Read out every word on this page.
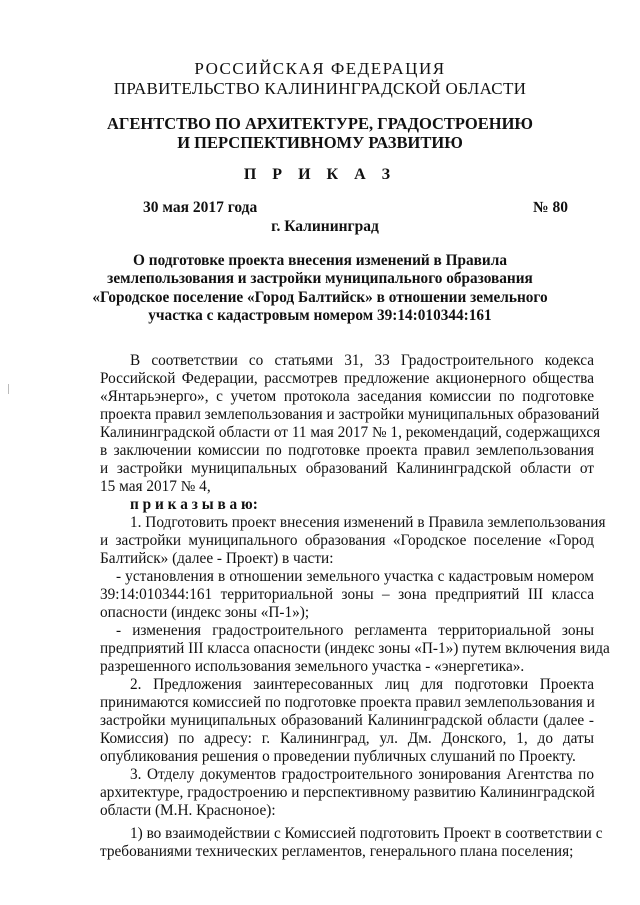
РОССИЙСКАЯ ФЕДЕРАЦИЯ
ПРАВИТЕЛЬСТВО КАЛИНИНГРАДСКОЙ ОБЛАСТИ
АГЕНТСТВО ПО АРХИТЕКТУРЕ, ГРАДОСТРОЕНИЮ
И ПЕРСПЕКТИВНОМУ РАЗВИТИЮ
П Р И К А З
30 мая 2017 года	№ 80
г. Калининград
О подготовке проекта внесения изменений в Правила
землепользования и застройки муниципального образования
«Городское поселение «Город Балтийск» в отношении земельного
участка с кадастровым номером 39:14:010344:161
В соответствии со статьями 31, 33 Градостроительного кодекса
Российской Федерации, рассмотрев предложение акционерного общества
«Янтарьэнерго», с учетом протокола заседания комиссии по подготовке
проекта правил землепользования и застройки муниципальных образований
Калининградской области от 11 мая 2017 № 1, рекомендаций, содержащихся
в заключении комиссии по подготовке проекта правил землепользования
и застройки муниципальных образований Калининградской области от
15 мая 2017 № 4,
п р и к а з ы в а ю:
1. Подготовить проект внесения изменений в Правила землепользования
и застройки муниципального образования «Городское поселение «Город
Балтийск» (далее - Проект) в части:
- установления в отношении земельного участка с кадастровым номером
39:14:010344:161 территориальной зоны – зона предприятий III класса
опасности (индекс зоны «П-1»);
- изменения градостроительного регламента территориальной зоны
предприятий III класса опасности (индекс зоны «П-1») путем включения вида
разрешенного использования земельного участка - «энергетика».
2. Предложения заинтересованных лиц для подготовки Проекта
принимаются комиссией по подготовке проекта правил землепользования и
застройки муниципальных образований Калининградской области (далее -
Комиссия) по адресу: г. Калининград, ул. Дм. Донского, 1, до даты
опубликования решения о проведении публичных слушаний по Проекту.
3. Отделу документов градостроительного зонирования Агентства по
архитектуре, градостроению и перспективному развитию Калининградской
области (М.Н. Красноное):
1) во взаимодействии с Комиссией подготовить Проект в соответствии с
требованиями технических регламентов, генерального плана поселения;
